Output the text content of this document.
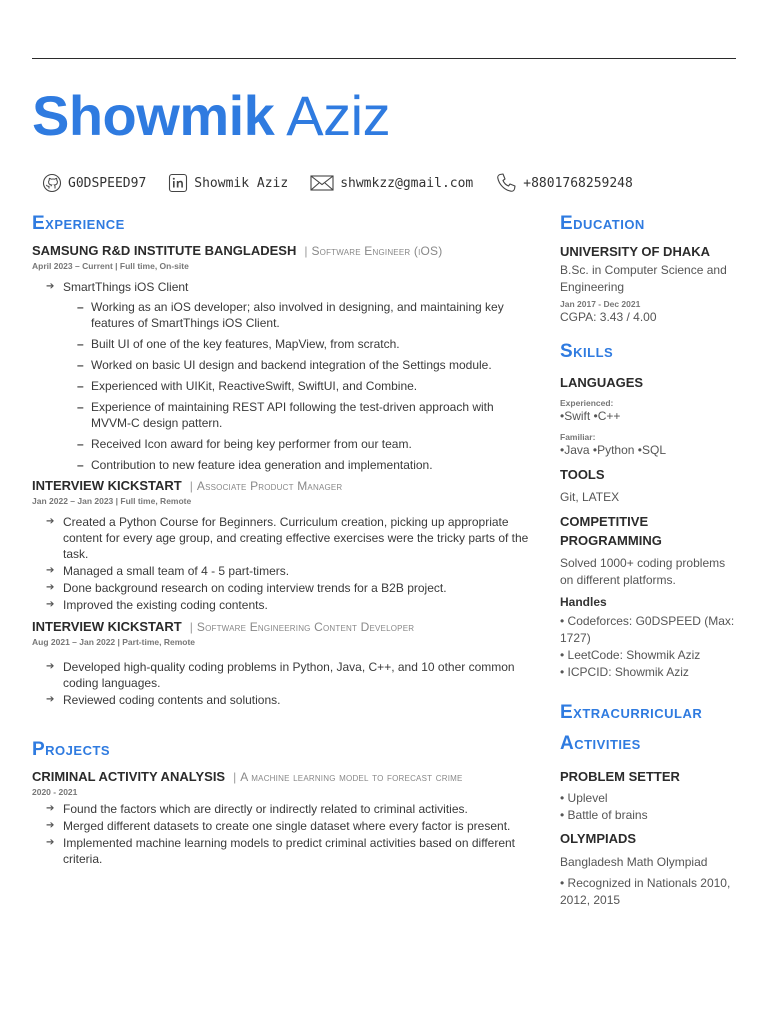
Showmik Aziz
G0DSPEED97	Showmik Aziz	shwmkzz@gmail.com	+8801768259248
Experience
SAMSUNG R&D INSTITUTE BANGLADESH | Software Engineer (iOS)
April 2023 – Current | Full time, On-site
➔ SmartThings iOS Client
– Working as an iOS developer; also involved in designing, and maintaining key features of SmartThings iOS Client.
– Built UI of one of the key features, MapView, from scratch.
– Worked on basic UI design and backend integration of the Settings module.
– Experienced with UIKit, ReactiveSwift, SwiftUI, and Combine.
– Experience of maintaining REST API following the test-driven approach with MVVM-C design pattern.
– Received Icon award for being key performer from our team.
– Contribution to new feature idea generation and implementation.
INTERVIEW KICKSTART | Associate Product Manager
Jan 2022 – Jan 2023 | Full time, Remote
➔ Created a Python Course for Beginners. Curriculum creation, picking up appropriate content for every age group, and creating effective exercises were the tricky parts of the task.
➔ Managed a small team of 4 - 5 part-timers.
➔ Done background research on coding interview trends for a B2B project.
➔ Improved the existing coding contents.
INTERVIEW KICKSTART | Software Engineering Content Developer
Aug 2021 – Jan 2022 | Part-time, Remote
➔ Developed high-quality coding problems in Python, Java, C++, and 10 other common coding languages.
➔ Reviewed coding contents and solutions.
Projects
CRIMINAL ACTIVITY ANALYSIS | A machine learning model to forecast crime
2020 - 2021
➔ Found the factors which are directly or indirectly related to criminal activities.
➔ Merged different datasets to create one single dataset where every factor is present.
➔ Implemented machine learning models to predict criminal activities based on different criteria.
Education
UNIVERSITY OF DHAKA
B.Sc. in Computer Science and Engineering
Jan 2017 - Dec 2021
CGPA: 3.43 / 4.00
Skills
LANGUAGES
Experienced:
•Swift •C++
Familiar:
•Java •Python •SQL
TOOLS
Git, LATEX
COMPETITIVE PROGRAMMING
Solved 1000+ coding problems on different platforms.
Handles
• Codeforces: G0DSPEED (Max: 1727)
• LeetCode: Showmik Aziz
• ICPCID: Showmik Aziz
Extracurricular
Activities
PROBLEM SETTER
• Uplevel
• Battle of brains
OLYMPIADS
Bangladesh Math Olympiad
• Recognized in Nationals 2010, 2012, 2015
